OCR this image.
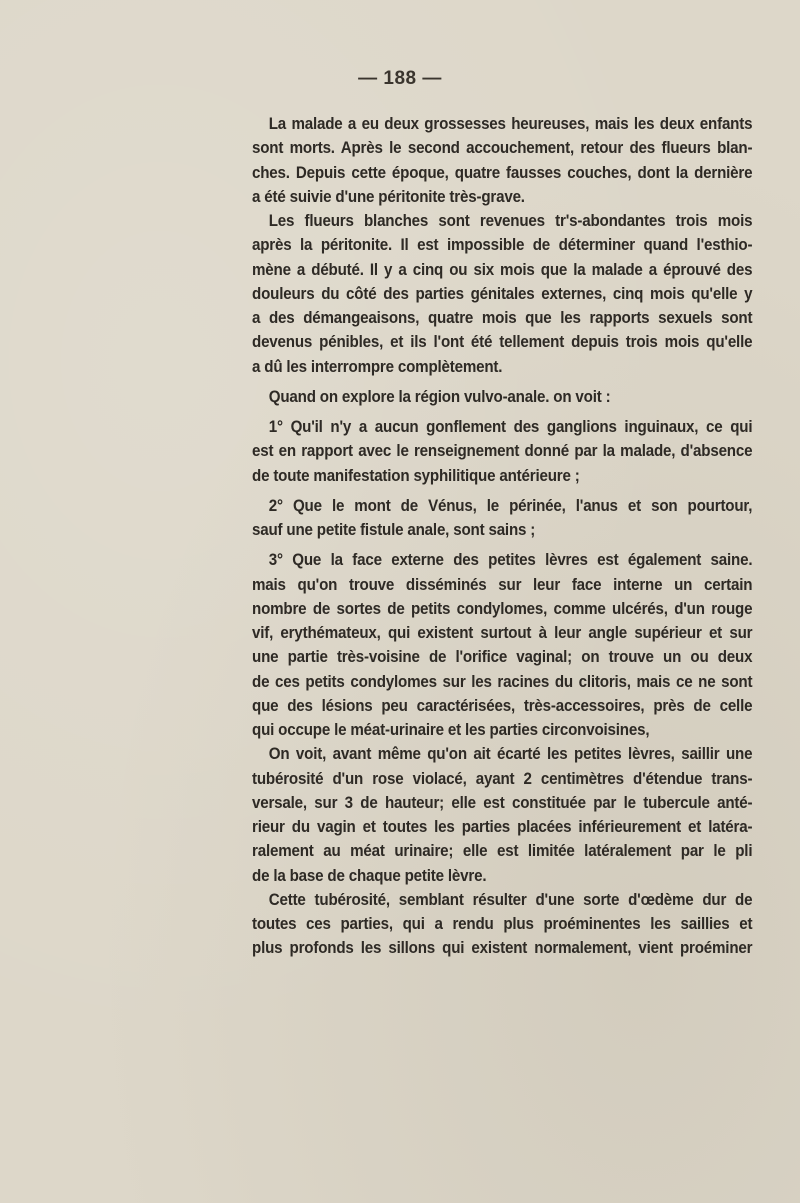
— 188 —
La malade a eu deux grossesses heureuses, mais les deux enfants
sont morts. Après le second accouchement, retour des flueurs blan-
ches. Depuis cette époque, quatre fausses couches, dont la dernière
a été suivie d'une péritonite très-grave.
Les flueurs blanches sont revenues tr's-abondantes trois mois
après la péritonite. Il est impossible de déterminer quand l'esthio-
mène a débuté. Il y a cinq ou six mois que la malade a éprouvé des
douleurs du côté des parties génitales externes, cinq mois qu'elle y
a des démangeaisons, quatre mois que les rapports sexuels sont
devenus pénibles, et ils l'ont été tellement depuis trois mois qu'elle
a dû les interrompre complètement.
Quand on explore la région vulvo-anale. on voit :
1° Qu'il n'y a aucun gonflement des ganglions inguinaux, ce qui
est en rapport avec le renseignement donné par la malade, d'absence
de toute manifestation syphilitique antérieure ;
2° Que le mont de Vénus, le périnée, l'anus et son pourtour,
sauf une petite fistule anale, sont sains ;
3° Que la face externe des petites lèvres est également saine.
mais qu'on trouve disséminés sur leur face interne un certain
nombre de sortes de petits condylomes, comme ulcérés, d'un rouge
vif, erythémateux, qui existent surtout à leur angle supérieur et sur
une partie très-voisine de l'orifice vaginal; on trouve un ou deux
de ces petits condylomes sur les racines du clitoris, mais ce ne sont
que des lésions peu caractérisées, très-accessoires, près de celle
qui occupe le méat-urinaire et les parties circonvoisines,
On voit, avant même qu'on ait écarté les petites lèvres, saillir une
tubérosité d'un rose violacé, ayant 2 centimètres d'étendue trans-
versale, sur 3 de hauteur; elle est constituée par le tubercule anté-
rieur du vagin et toutes les parties placées inférieurement et latéra-
ralement au méat urinaire; elle est limitée latéralement par le pli
de la base de chaque petite lèvre.
Cette tubérosité, semblant résulter d'une sorte d'œdème dur de
toutes ces parties, qui a rendu plus proéminentes les saillies et
plus profonds les sillons qui existent normalement, vient proéminer
